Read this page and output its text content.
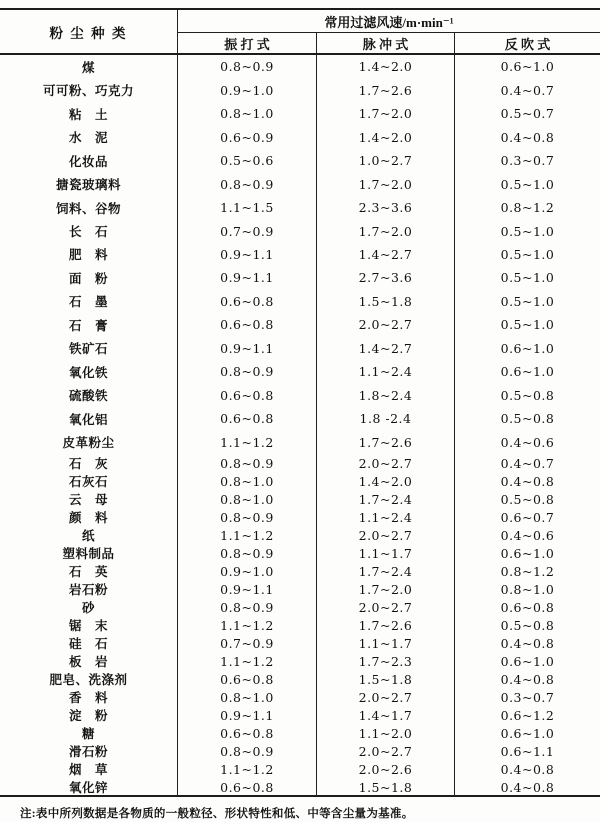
粉 尘 种 类
常用过滤风速/m·min⁻¹
振 打 式	脉 冲 式	反 吹 式
煤	0.8~0.9	1.4~2.0	0.6~1.0
可可粉、巧克力	0.9~1.0	1.7~2.6	0.4~0.7
粘　土	0.8~1.0	1.7~2.0	0.5~0.7
水　泥	0.6~0.9	1.4~2.0	0.4~0.8
化妆品	0.5~0.6	1.0~2.7	0.3~0.7
搪瓷玻璃料	0.8~0.9	1.7~2.0	0.5~1.0
饲料、谷物	1.1~1.5	2.3~3.6	0.8~1.2
长　石	0.7~0.9	1.7~2.0	0.5~1.0
肥　料	0.9~1.1	1.4~2.7	0.5~1.0
面　粉	0.9~1.1	2.7~3.6	0.5~1.0
石　墨	0.6~0.8	1.5~1.8	0.5~1.0
石　膏	0.6~0.8	2.0~2.7	0.5~1.0
铁矿石	0.9~1.1	1.4~2.7	0.6~1.0
氧化铁	0.8~0.9	1.1~2.4	0.6~1.0
硫酸铁	0.6~0.8	1.8~2.4	0.5~0.8
氧化铝	0.6~0.8	1.8 -2.4	0.5~0.8
皮革粉尘	1.1~1.2	1.7~2.6	0.4~0.6
石　灰	0.8~0.9	2.0~2.7	0.4~0.7
石灰石	0.8~1.0	1.4~2.0	0.4~0.8
云　母	0.8~1.0	1.7~2.4	0.5~0.8
颜　料	0.8~0.9	1.1~2.4	0.6~0.7
纸	1.1~1.2	2.0~2.7	0.4~0.6
塑料制品	0.8~0.9	1.1~1.7	0.6~1.0
石　英	0.9~1.0	1.7~2.4	0.8~1.2
岩石粉	0.9~1.1	1.7~2.0	0.8~1.0
砂	0.8~0.9	2.0~2.7	0.6~0.8
锯　末	1.1~1.2	1.7~2.6	0.5~0.8
硅　石	0.7~0.9	1.1~1.7	0.4~0.8
板　岩	1.1~1.2	1.7~2.3	0.6~1.0
肥皂、洗涤剂	0.6~0.8	1.5~1.8	0.4~0.8
香　料	0.8~1.0	2.0~2.7	0.3~0.7
淀　粉	0.9~1.1	1.4~1.7	0.6~1.2
糖	0.6~0.8	1.1~2.0	0.6~1.0
滑石粉	0.8~0.9	2.0~2.7	0.6~1.1
烟　草	1.1~1.2	2.0~2.6	0.4~0.8
氧化锌	0.6~0.8	1.5~1.8	0.4~0.8
注:表中所列数据是各物质的一般粒径、形状特性和低、中等含尘量为基准。
